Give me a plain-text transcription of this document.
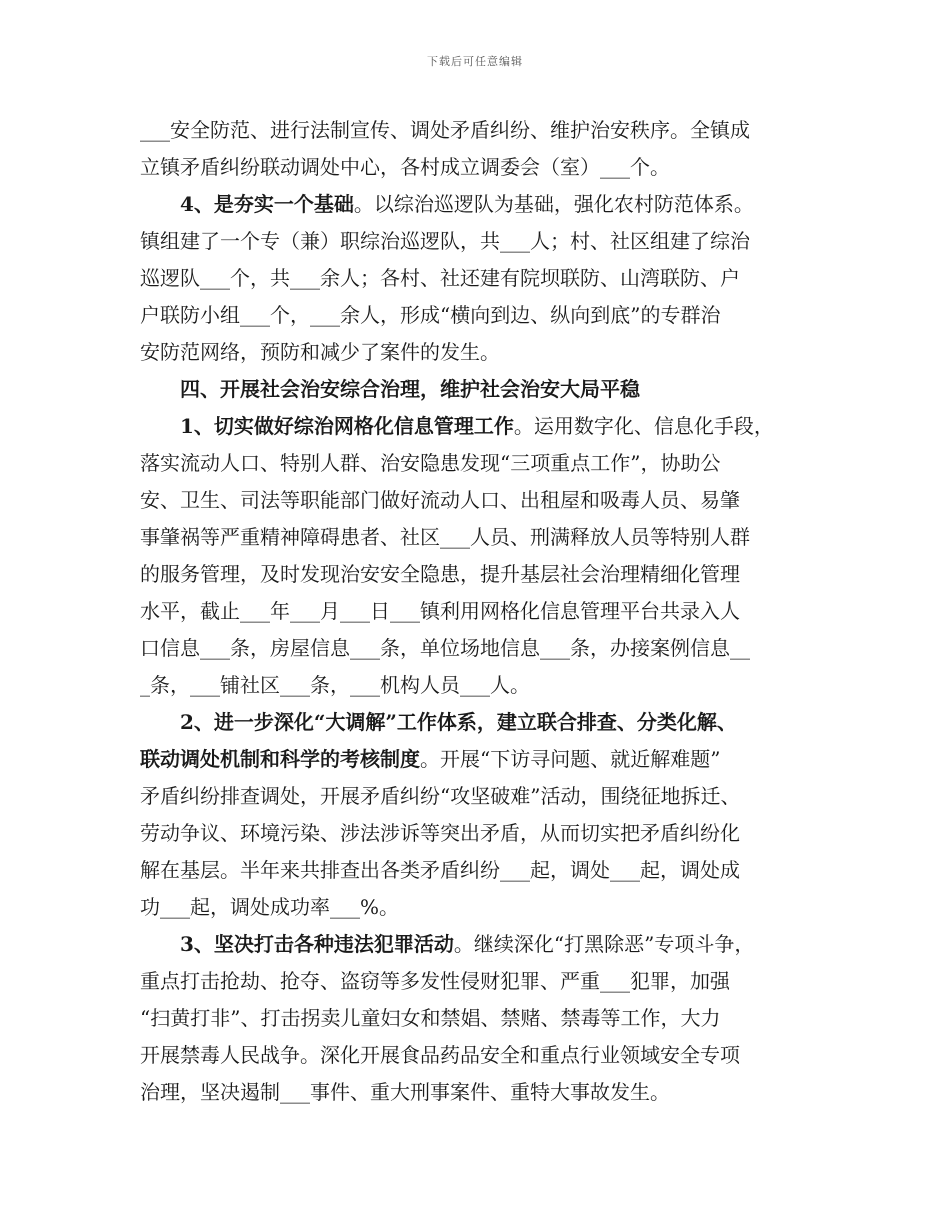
下载后可任意编辑
___安全防范、进行法制宣传、调处矛盾纠纷、维护治安秩序。全镇成
立镇矛盾纠纷联动调处中心，各村成立调委会（室）___个。
4、是夯实一个基础。以综治巡逻队为基础，强化农村防范体系。
镇组建了一个专（兼）职综治巡逻队，共___人；村、社区组建了综治
巡逻队___个，共___余人；各村、社还建有院坝联防、山湾联防、户
户联防小组___个，___余人，形成“横向到边、纵向到底”的专群治
安防范网络，预防和减少了案件的发生。
四、开展社会治安综合治理，维护社会治安大局平稳
1、切实做好综治网格化信息管理工作。运用数字化、信息化手段，
落实流动人口、特别人群、治安隐患发现“三项重点工作”，协助公
安、卫生、司法等职能部门做好流动人口、出租屋和吸毒人员、易肇
事肇祸等严重精神障碍患者、社区___人员、刑满释放人员等特别人群
的服务管理，及时发现治安安全隐患，提升基层社会治理精细化管理
水平，截止___年___月___日___镇利用网格化信息管理平台共录入人
口信息___条，房屋信息___条，单位场地信息___条，办接案例信息__
_条，___铺社区___条，___机构人员___人。
2、进一步深化“大调解”工作体系，建立联合排查、分类化解、
联动调处机制和科学的考核制度。开展“下访寻问题、就近解难题”
矛盾纠纷排查调处，开展矛盾纠纷“攻坚破难”活动，围绕征地拆迁、
劳动争议、环境污染、涉法涉诉等突出矛盾，从而切实把矛盾纠纷化
解在基层。半年来共排查出各类矛盾纠纷___起，调处___起，调处成
功___起，调处成功率___%。
3、坚决打击各种违法犯罪活动。继续深化“打黑除恶”专项斗争，
重点打击抢劫、抢夺、盗窃等多发性侵财犯罪、严重___犯罪，加强
“扫黄打非”、打击拐卖儿童妇女和禁娼、禁赌、禁毒等工作，大力
开展禁毒人民战争。深化开展食品药品安全和重点行业领域安全专项
治理，坚决遏制___事件、重大刑事案件、重特大事故发生。
